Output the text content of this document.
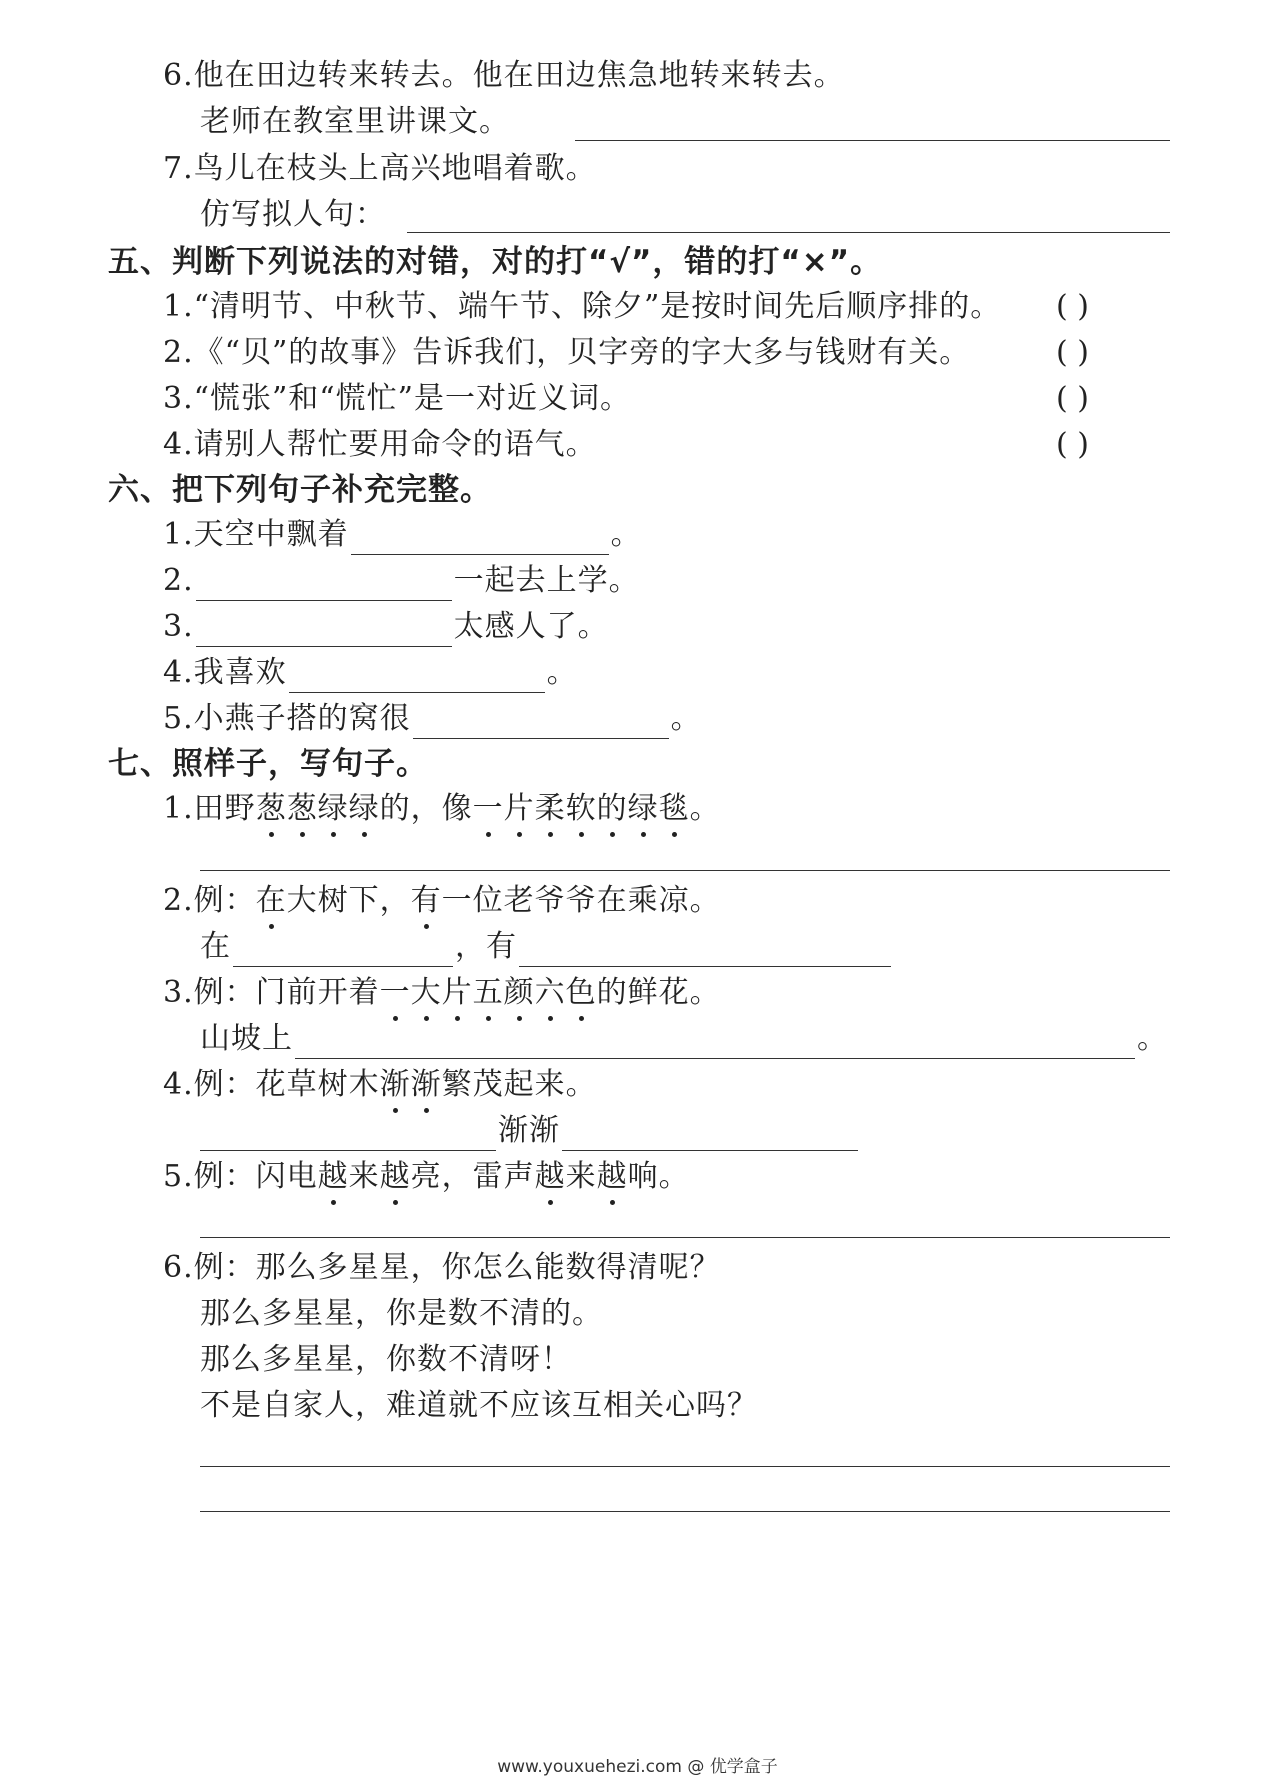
6.他在田边转来转去。他在田边焦急地转来转去。
老师在教室里讲课文。
7.鸟儿在枝头上高兴地唱着歌。
仿写拟人句：
五、判断下列说法的对错，对的打“√”，错的打“×”。
1.“清明节、中秋节、端午节、除夕”是按时间先后顺序排的。 ( )
2.《“贝”的故事》告诉我们，贝字旁的字大多与钱财有关。	( )
3.“慌张”和“慌忙”是一对近义词。	( )
4.请别人帮忙要用命令的语气。	( )
六、把下列句子补充完整。
1.天空中飘着	。
2.	一起去上学。
3.	太感人了。
4.我喜欢	。
5.小燕子搭的窝很	。
七、照样子，写句子。
1.田野葱葱绿绿的，像一片柔软的绿毯。
2.例：在大树下，有一位老爷爷在乘凉。
在	，有
3.例：门前开着一大片五颜六色的鲜花。
山坡上	。
4.例：花草树木渐渐繁茂起来。
渐渐
5.例：闪电越来越亮，雷声越来越响。
6.例：那么多星星，你怎么能数得清呢？
那么多星星，你是数不清的。
那么多星星，你数不清呀！
不是自家人，难道就不应该互相关心吗？
www.youxuehezi.com @ 优学盒子
